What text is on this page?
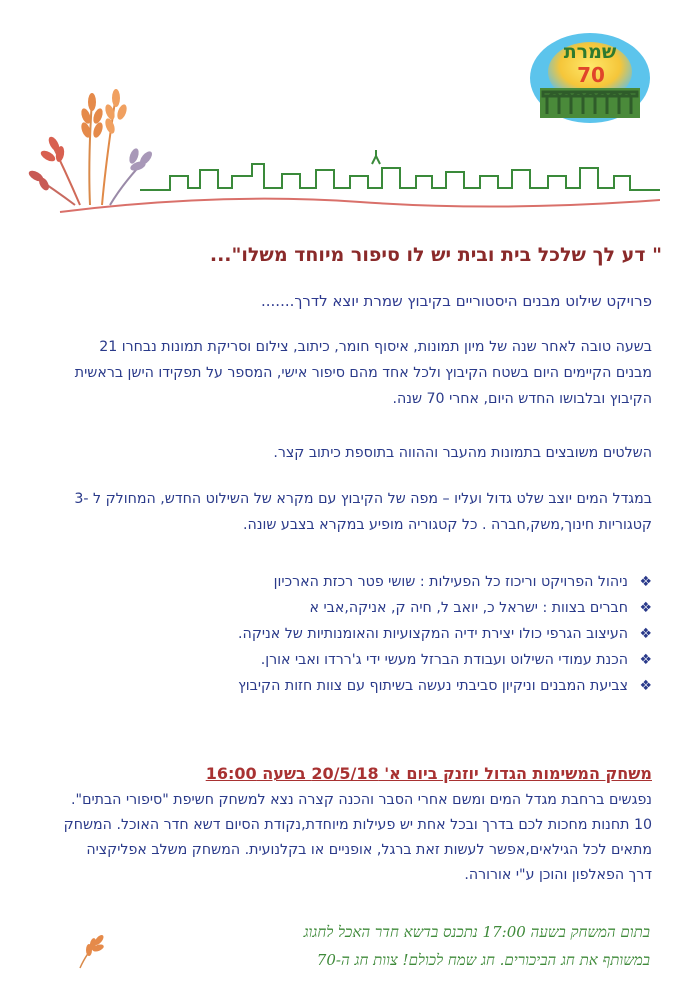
שמרת
70
" דע לך שלכל בית ובית יש לו סיפור מיוחד משלו"...
פרויקט שילוט מבנים היסטוריים בקיבוץ שמרת יוצא לדרך.......
בשעה טובה לאחר שנה של מיון תמונות, איסוף חומר, כיתוב, צילום וסריקת תמונות נבחרו 21 מבנים הקיימים היום בשטח הקיבוץ ולכל אחד מהם סיפור אישי, המספר על תפקידו הישן בראשית הקיבוץ ובלבושו החדש היום, אחרי 70 שנה.
השלטים משובצים בתמונות מהעבר וההווה בתוספת כיתוב קצר.
במגדל המים יוצב שלט גדול ועליו – מפה של הקיבוץ עם מקרא של השילוט החדש, המחולק ל -3 קטגוריות חינוך,משק,חברה . כל קטגוריה מופיע במקרא בצבע שונה.
❖
ניהול הפרויקט וריכוז כל הפעילות : שושי פטר רכזת הארכיון
❖
חברים בצוות : ישראל כ, יואב ל, חיה ק, אניקה,אבי א
❖
העיצוב הגרפי כולו יצירת ידיה המקצועיות והאומנותיות של אניקה.
❖
הכנת עמודי השילוט ועבודת הברזל מעשי ידי ג'ררדו ואבי אורן.
❖
צביעת המבנים וניקיון סביבתי נעשה בשיתוף עם צוות חזות הקיבוץ
משחק המשימות הגדול יוזנק ביום א' 20/5/18 בשעה 16:00
נפגשים ברחבת מגדל המים ומשם אחרי הסבר והכנה קצרה נצא למשחק חשיפת "סיפורי הבתים". 10 תחנות מחכות לכם בדרך ובכל אחת יש פעילות מיוחדת,נקודת הסיום דשא חדר האוכל. המשחק מתאים לכל הגילאים,אפשר לעשות זאת ברגל, אופניים או בקלנועית. המשחק משלב אפליקציה דרך הפאלפון והוכן ע"י אורורה.
בתום המשחק בשעה 17:00 נתכנס בדשא חדר האכל לחגוג
במשותף את חג הביכורים. חג שמח לכולם! צוות חג ה-70
